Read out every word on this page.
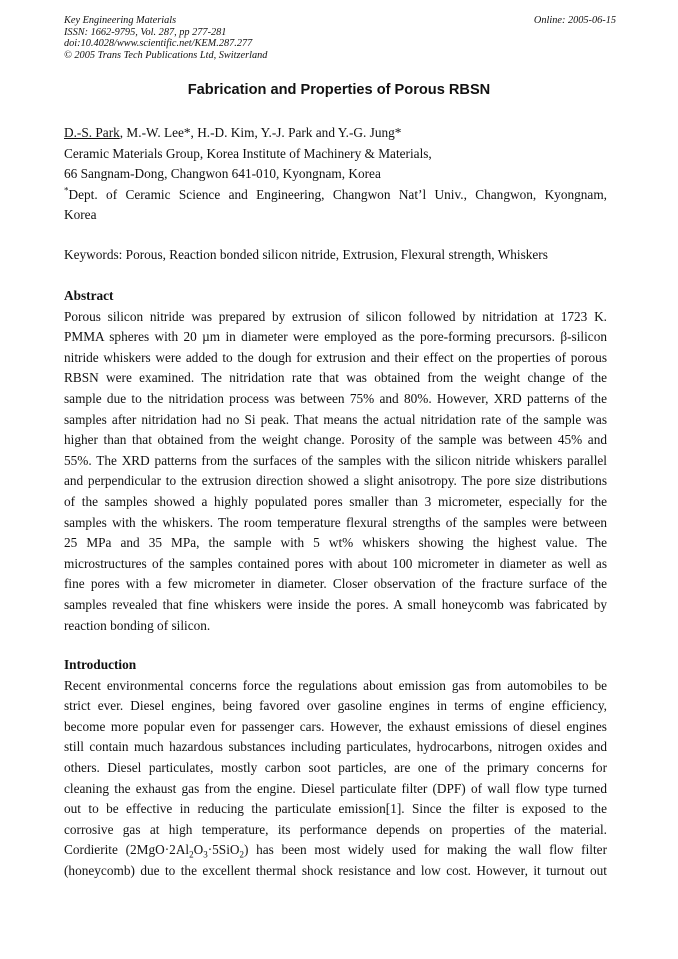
Key Engineering Materials
ISSN: 1662-9795, Vol. 287, pp 277-281
doi:10.4028/www.scientific.net/KEM.287.277
© 2005 Trans Tech Publications Ltd, Switzerland
Online: 2005-06-15
Fabrication and Properties of Porous RBSN
D.-S. Park, M.-W. Lee*, H.-D. Kim, Y.-J. Park and Y.-G. Jung*
Ceramic Materials Group, Korea Institute of Machinery & Materials,
66 Sangnam-Dong, Changwon 641-010, Kyongnam, Korea
*Dept. of Ceramic Science and Engineering, Changwon Nat’l Univ., Changwon, Kyongnam,
Korea
Keywords: Porous, Reaction bonded silicon nitride, Extrusion, Flexural strength, Whiskers
Abstract
Porous silicon nitride was prepared by extrusion of silicon followed by nitridation at 1723 K.
PMMA spheres with 20 µm in diameter were employed as the pore-forming precursors. β-silicon
nitride whiskers were added to the dough for extrusion and their effect on the properties of porous
RBSN were examined. The nitridation rate that was obtained from the weight change of the
sample due to the nitridation process was between 75% and 80%. However, XRD patterns of the
samples after nitridation had no Si peak. That means the actual nitridation rate of the sample was
higher than that obtained from the weight change. Porosity of the sample was between 45% and
55%. The XRD patterns from the surfaces of the samples with the silicon nitride whiskers parallel
and perpendicular to the extrusion direction showed a slight anisotropy. The pore size distributions
of the samples showed a highly populated pores smaller than 3 micrometer, especially for the
samples with the whiskers. The room temperature flexural strengths of the samples were between
25 MPa and 35 MPa, the sample with 5 wt% whiskers showing the highest value. The
microstructures of the samples contained pores with about 100 micrometer in diameter as well as
fine pores with a few micrometer in diameter. Closer observation of the fracture surface of the
samples revealed that fine whiskers were inside the pores. A small honeycomb was fabricated by
reaction bonding of silicon.
Introduction
Recent environmental concerns force the regulations about emission gas from automobiles to be
strict ever. Diesel engines, being favored over gasoline engines in terms of engine efficiency,
become more popular even for passenger cars. However, the exhaust emissions of diesel engines
still contain much hazardous substances including particulates, hydrocarbons, nitrogen oxides and
others. Diesel particulates, mostly carbon soot particles, are one of the primary concerns for
cleaning the exhaust gas from the engine. Diesel particulate filter (DPF) of wall flow type turned
out to be effective in reducing the particulate emission[1]. Since the filter is exposed to the
corrosive gas at high temperature, its performance depends on properties of the material.
Cordierite $(2MgO\cdot 2Al_2O_3\cdot 5SiO_2)$ has been most widely used for making the wall flow filter
(honeycomb) due to the excellent thermal shock resistance and low cost. However, it turnout out
